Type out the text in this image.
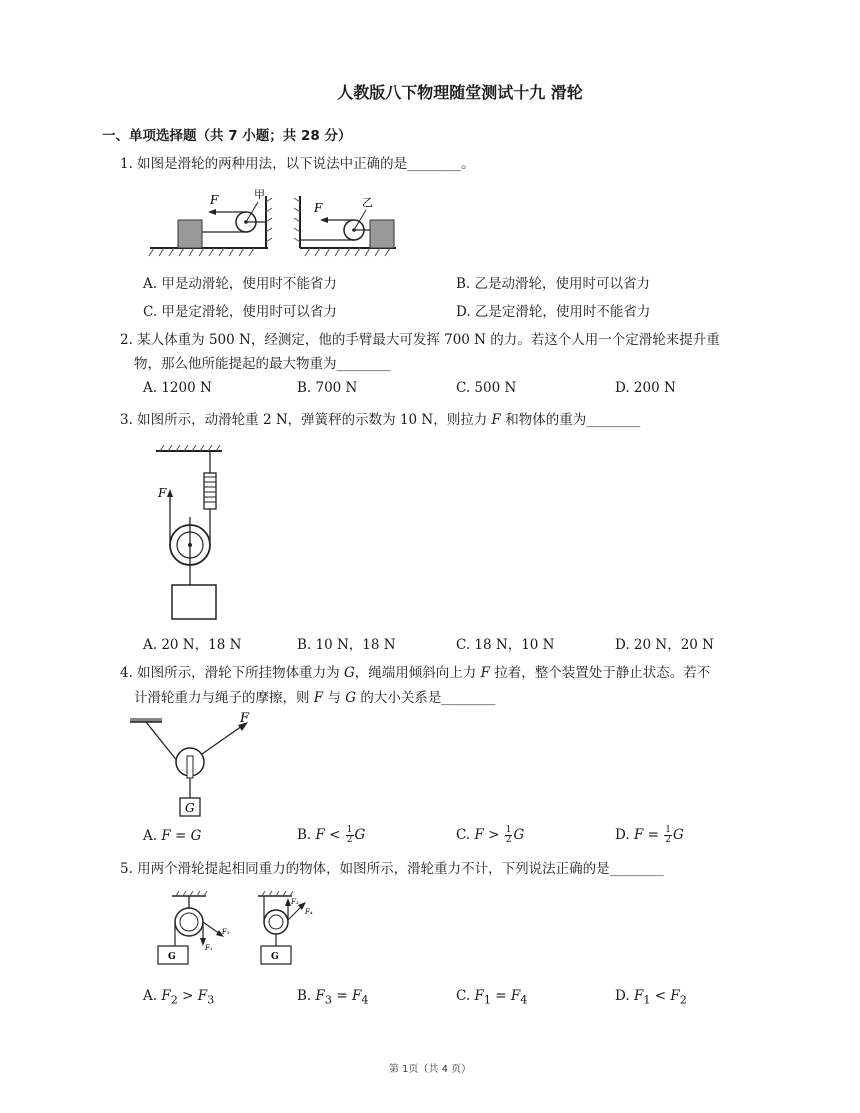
人教版八下物理随堂测试十九 滑轮
一、单项选择题（共 7 小题；共 28 分）
1. 如图是滑轮的两种用法，以下说法中正确的是________。
F	甲
F	乙
A. 甲是动滑轮，使用时不能省力	B. 乙是动滑轮，使用时可以省力
C. 甲是定滑轮，使用时可以省力	D. 乙是定滑轮，使用时不能省力
2. 某人体重为 500 N，经测定，他的手臂最大可发挥 700 N 的力。若这个人用一个定滑轮来提升重
物，那么他所能提起的最大物重为________
A. 1200 N	B. 700 N	C. 500 N	D. 200 N
3. 如图所示，动滑轮重 2 N，弹簧秤的示数为 10 N，则拉力 F 和物体的重为________
F
A. 20 N，18 N	B. 10 N，18 N	C. 18 N，10 N	D. 20 N，20 N
4. 如图所示，滑轮下所挂物体重力为 G，绳端用倾斜向上力 F 拉着，整个装置处于静止状态。若不
计滑轮重力与绳子的摩擦，则 F 与 G 的大小关系是________
F
G
A. F = G	B. $F < \frac{1}{2}$ G	C. $F > \frac{1}{2}$ G	D. $F = \frac{1}{2}$ G
5. 用两个滑轮提起相同重力的物体，如图所示，滑轮重力不计，下列说法正确的是________
G
F₁
F₂
F₃
F₄
G
A. $F_2 > F_3$	B. $F_3 = F_4$	C. $F_1 = F_4$	D. $F_1 < F_2$
第 1页（共 4 页）
